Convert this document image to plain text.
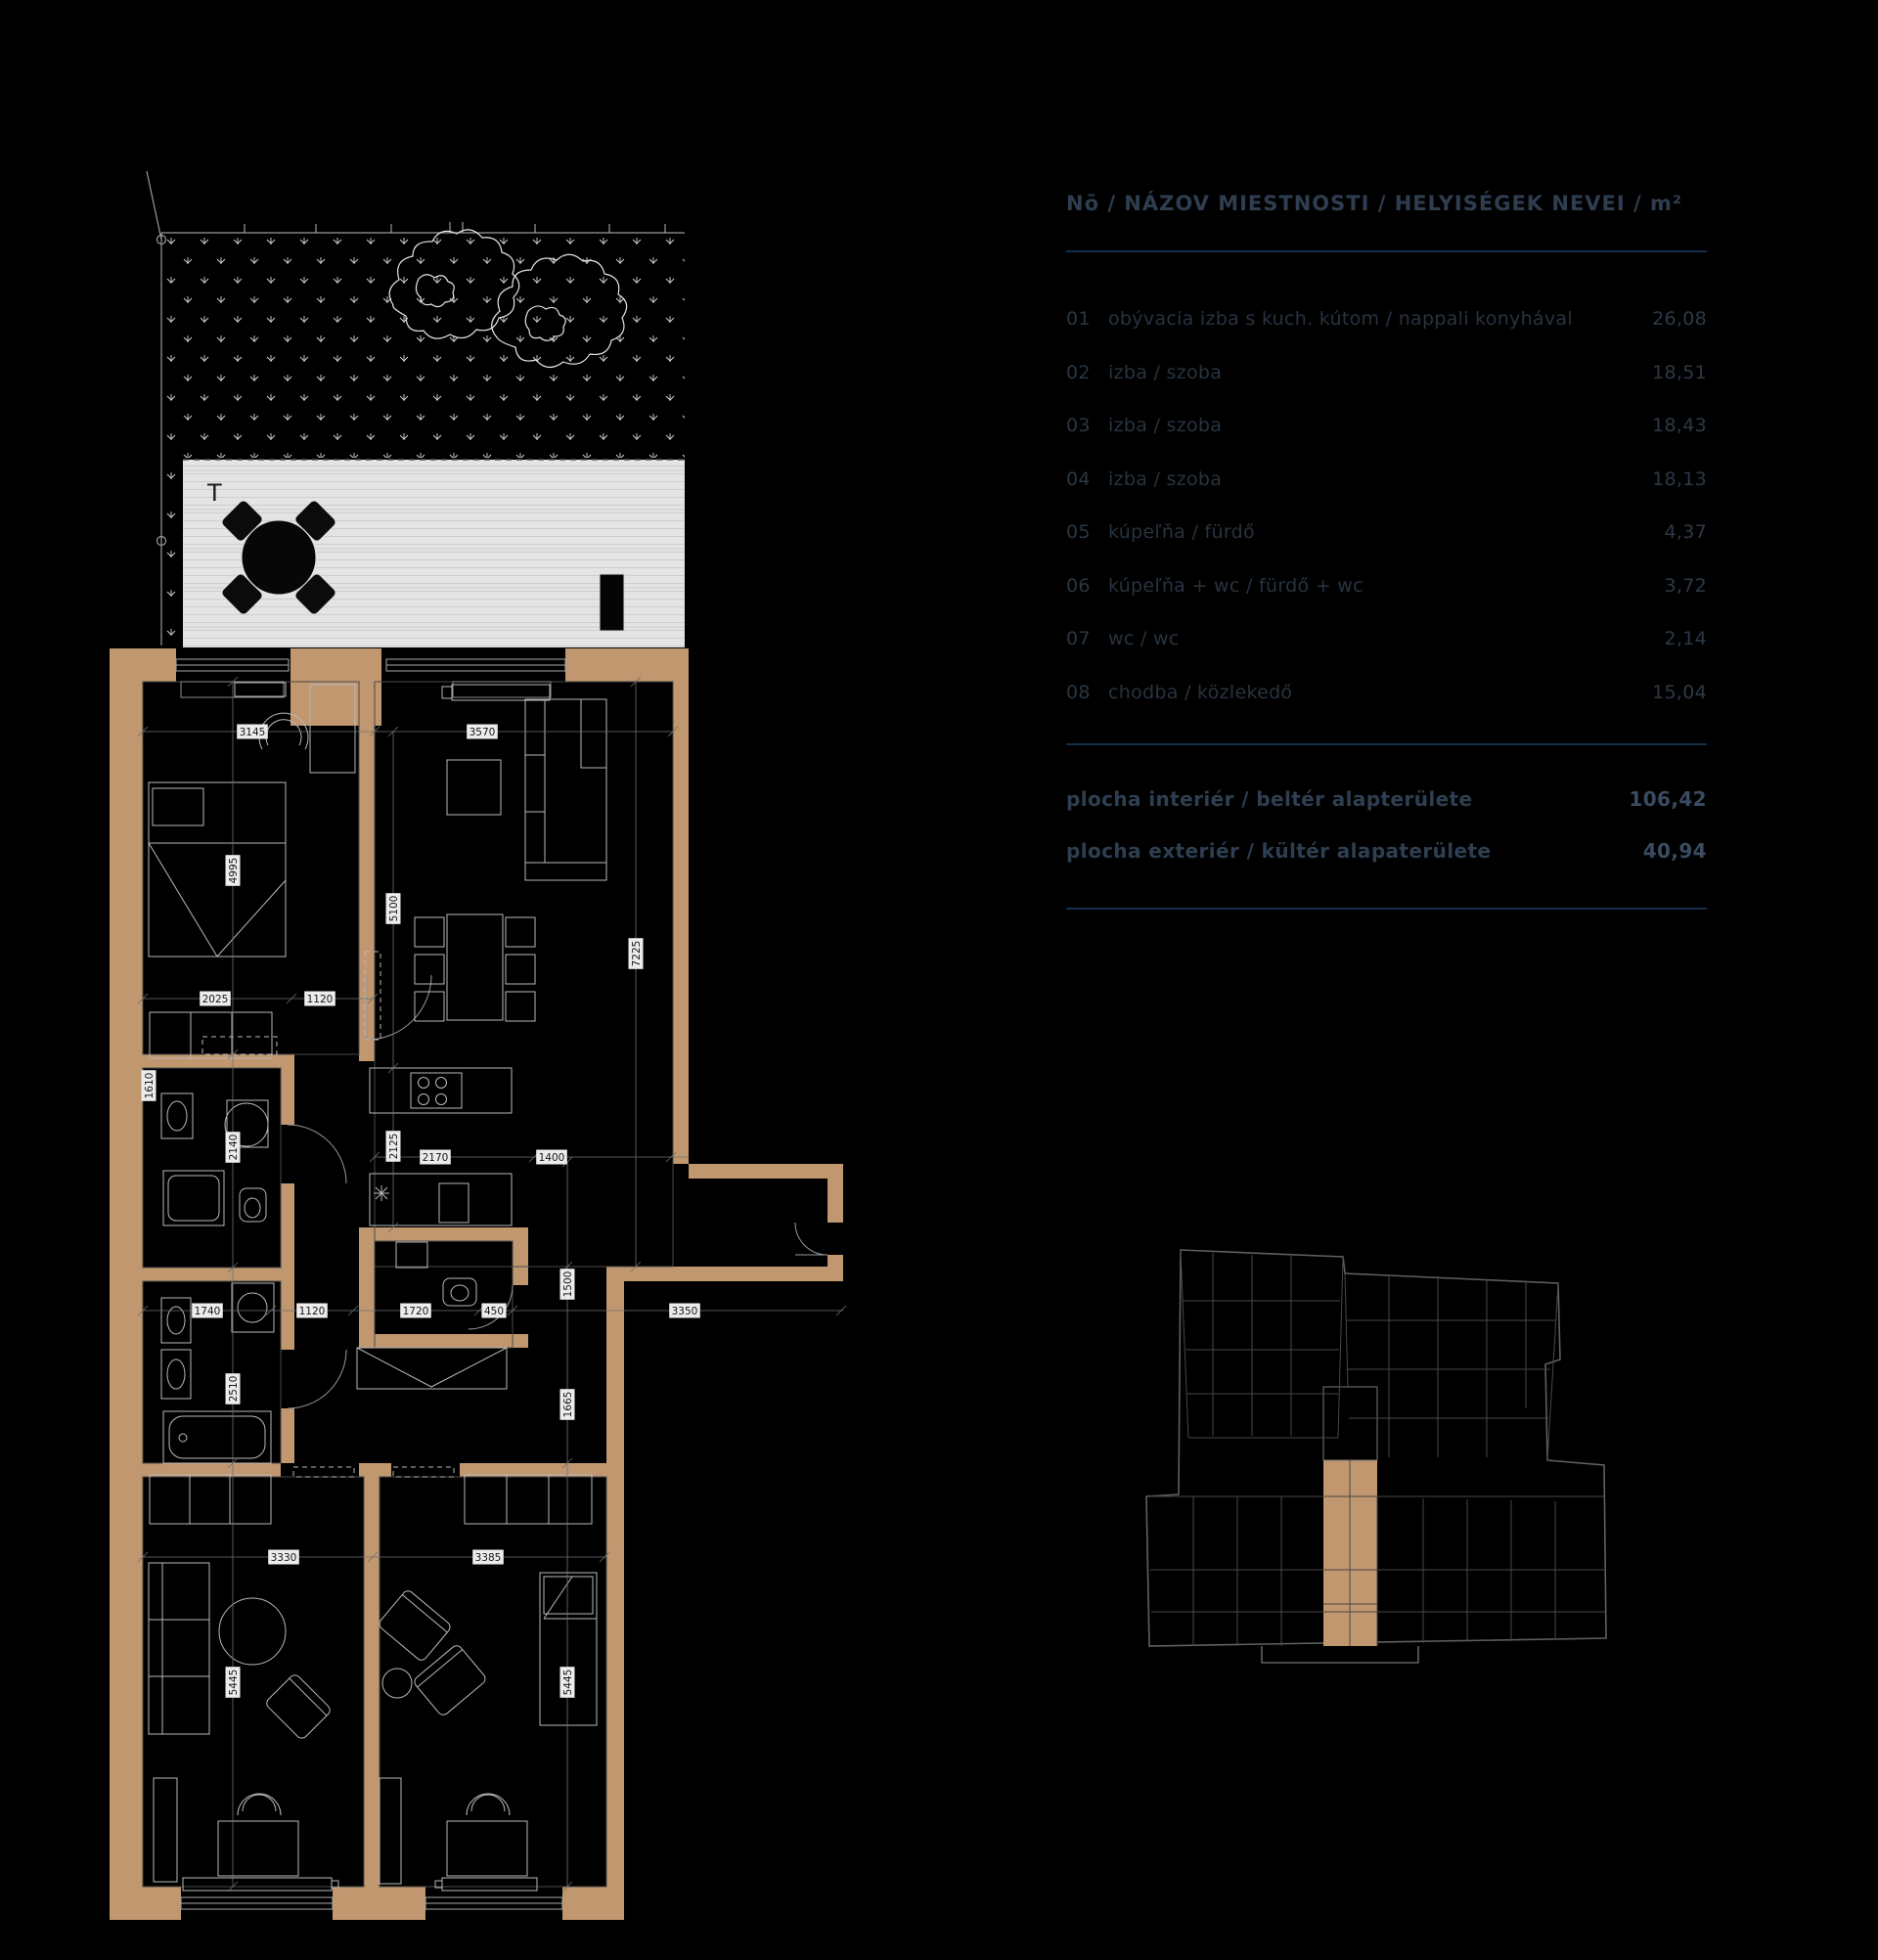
T
3145	3570
4995
5100
7225
2025	1120
2140	2125 2170	1400
1610
1740	1120	1720	450	3350
1500
1665
2510
3330	3385
5445	5445
Nō / NÁZOV MIESTNOSTI / HELYISÉGEK NEVEI / m²
01 obývacia izba s kuch. kútom / nappali konyhával	26,08
02 izba / szoba	18,51
03 izba / szoba	18,43
04 izba / szoba	18,13
05 kúpeľňa / fürdő	4,37
06 kúpeľňa + wc / fürdő + wc	3,72
07 wc / wc	2,14
08 chodba / közlekedő	15,04
plocha interiér / beltér alapterülete	106,42
plocha exteriér / kültér alapaterülete	40,94
